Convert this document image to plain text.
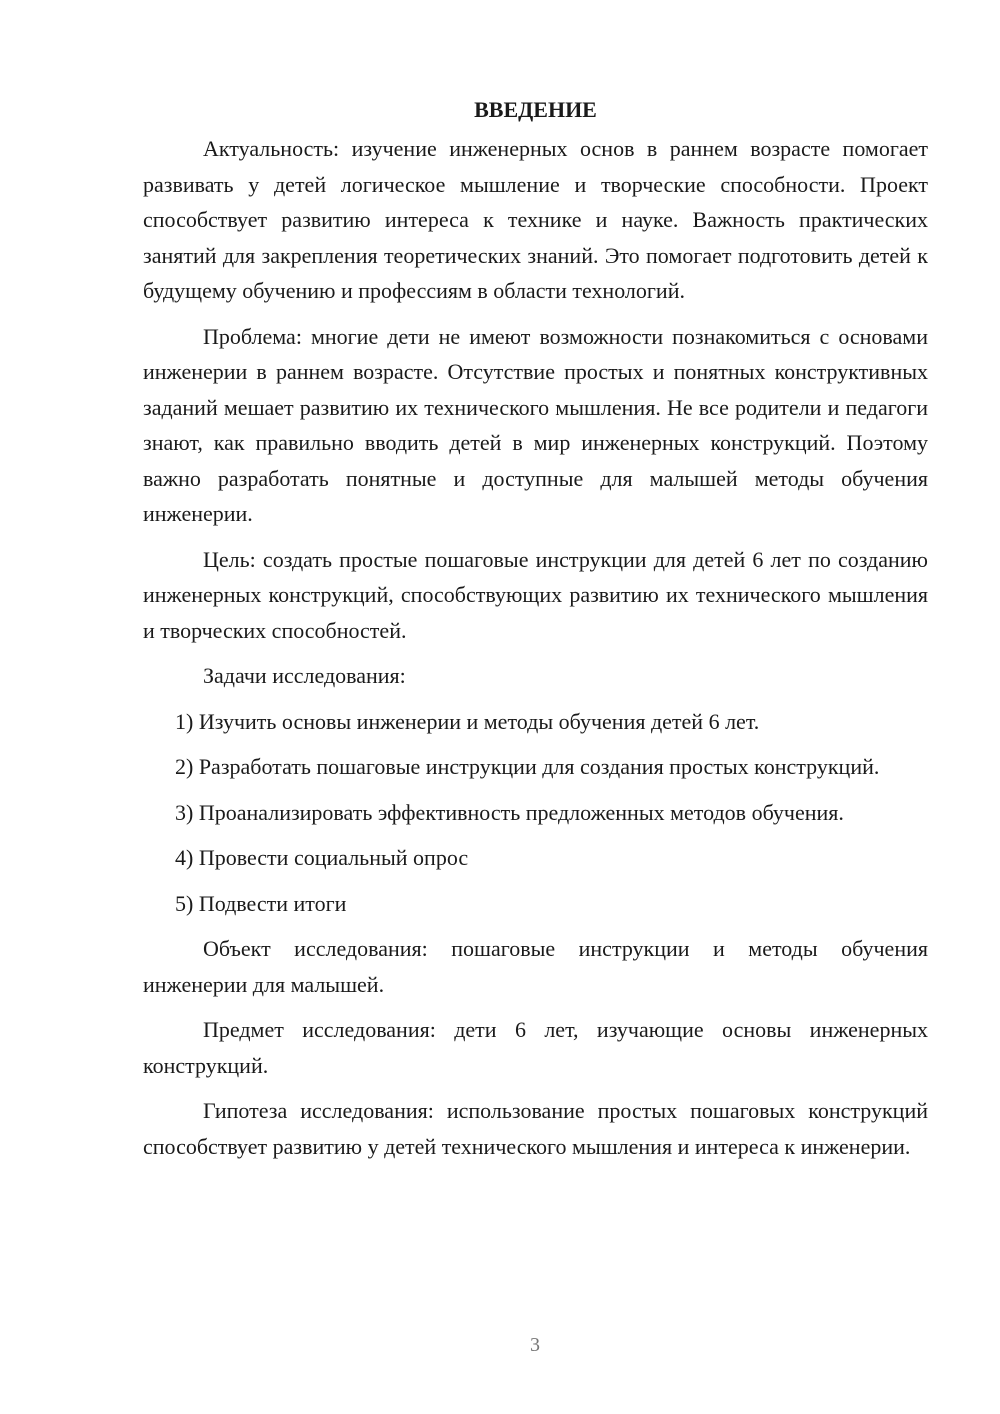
ВВЕДЕНИЕ

Актуальность: изучение инженерных основ в раннем возрасте помогает развивать у детей логическое мышление и творческие способности. Проект способствует развитию интереса к технике и науке. Важность практических занятий для закрепления теоретических знаний. Это помогает подготовить детей к будущему обучению и профессиям в области технологий.

Проблема: многие дети не имеют возможности познакомиться с основами инженерии в раннем возрасте. Отсутствие простых и понятных конструктивных заданий мешает развитию их технического мышления. Не все родители и педагоги знают, как правильно вводить детей в мир инженерных конструкций. Поэтому важно разработать понятные и доступные для малышей методы обучения инженерии.

Цель: создать простые пошаговые инструкции для детей 6 лет по созданию инженерных конструкций, способствующих развитию их технического мышления и творческих способностей.

Задачи исследования:

1) Изучить основы инженерии и методы обучения детей 6 лет.

2) Разработать пошаговые инструкции для создания простых конструкций.

3) Проанализировать эффективность предложенных методов обучения.

4) Провести социальный опрос

5) Подвести итоги

Объект исследования: пошаговые инструкции и методы обучения инженерии для малышей.

Предмет исследования: дети 6 лет, изучающие основы инженерных конструкций.

Гипотеза исследования: использование простых пошаговых конструкций способствует развитию у детей технического мышления и интереса к инженерии.

3
